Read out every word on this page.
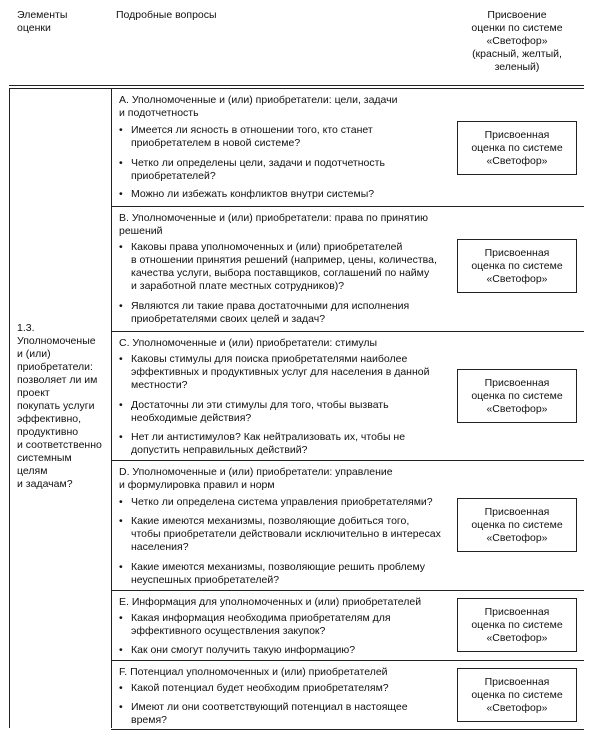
Элементы
оценки
Подробные вопросы	Присвоение
оценки по системе
«Светофор»
(красный, желтый,
зеленый)
1.3.
Уполномоченые
и (или)
приобретатели:
позволяет ли им
проект
покупать услуги
эффективно,
продуктивно
и соответственно
системным
целям
и задачам?
А. Уполномоченные и (или) приобретатели: цели, задачи
и подотчетность
• Имеется ли ясность в отношении того, кто станет
приобретателем в новой системе?
• Четко ли определены цели, задачи и подотчетность
приобретателей?
• Можно ли избежать конфликтов внутри системы?
Присвоенная
оценка по системе
«Светофор»
В. Уполномоченные и (или) приобретатели: права по принятию
решений
• Каковы права уполномоченных и (или) приобретателей
в отношении принятия решений (например, цены, количества,
качества услуги, выбора поставщиков, соглашений по найму
и заработной плате местных сотрудников)?
• Являются ли такие права достаточными для исполнения
приобретателями своих целей и задач?
Присвоенная
оценка по системе
«Светофор»
С. Уполномоченные и (или) приобретатели: стимулы
• Каковы стимулы для поиска приобретателями наиболее
эффективных и продуктивных услуг для населения в данной
местности?
• Достаточны ли эти стимулы для того, чтобы вызвать
необходимые действия?
• Нет ли антистимулов? Как нейтрализовать их, чтобы не
допустить неправильных действий?
Присвоенная
оценка по системе
«Светофор»
D. Уполномоченные и (или) приобретатели: управление
и формулировка правил и норм
• Четко ли определена система управления приобретателями?
• Какие имеются механизмы, позволяющие добиться того,
чтобы приобретатели действовали исключительно в интересах
населения?
• Какие имеются механизмы, позволяющие решить проблему
неуспешных приобретателей?
Присвоенная
оценка по системе
«Светофор»
Е. Информация для уполномоченных и (или) приобретателей
• Какая информация необходима приобретателям для
эффективного осуществления закупок?
• Как они смогут получить такую информацию?
Присвоенная
оценка по системе
«Светофор»
F. Потенциал уполномоченных и (или) приобретателей
• Какой потенциал будет необходим приобретателям?
• Имеют ли они соответствующий потенциал в настоящее
время?
Присвоенная
оценка по системе
«Светофор»
